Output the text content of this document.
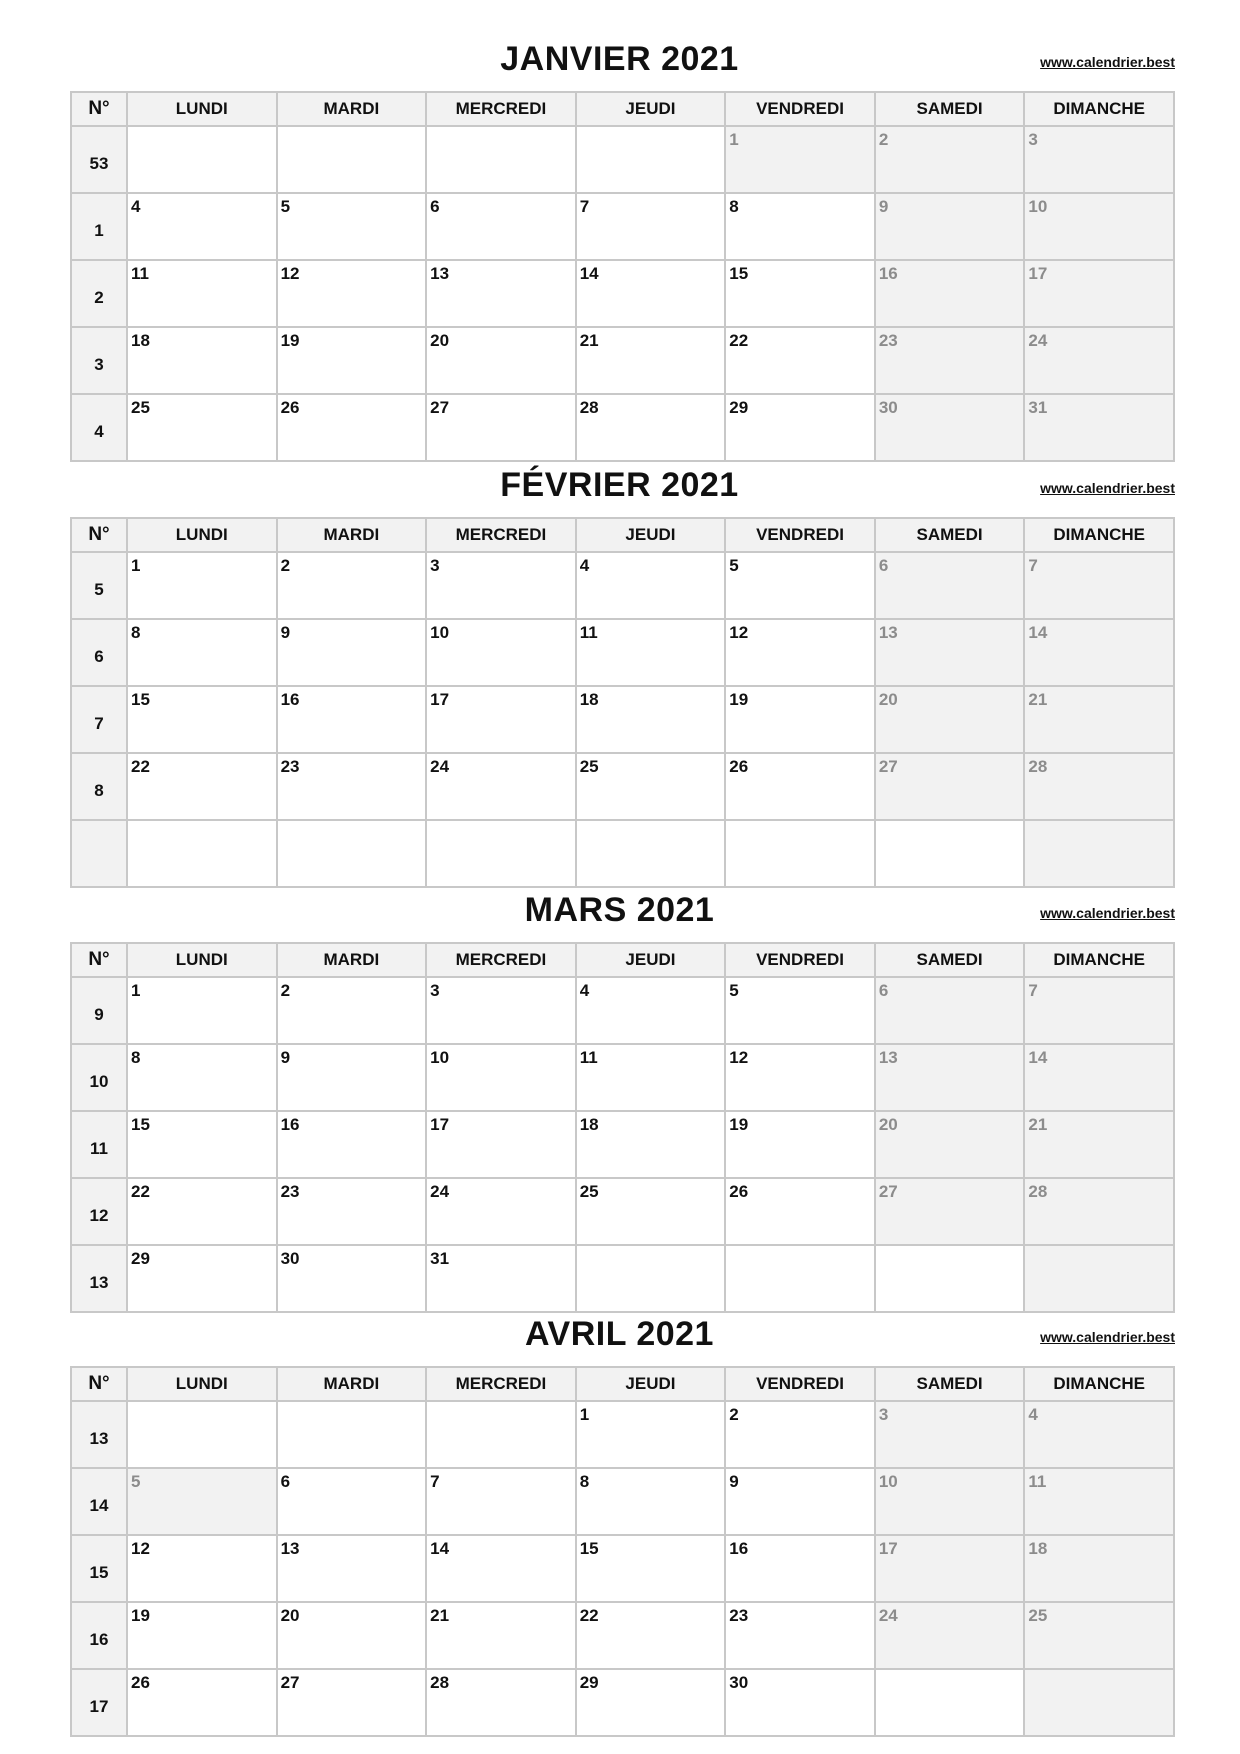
JANVIER 2021	www.calendrier.best
N°	LUNDI	MARDI	MERCREDI	JEUDI	VENDREDI	SAMEDI	DIMANCHE
53					1	2	3

1	4	5	6	7	8	9	10

2	11	12	13	14	15	16	17

3	18	19	20	21	22	23	24

4	25	26	27	28	29	30	31
FÉVRIER 2021	www.calendrier.best
N°	LUNDI	MARDI	MERCREDI	JEUDI	VENDREDI	SAMEDI	DIMANCHE
5	1	2	3	4	5	6	7

6	8	9	10	11	12	13	14

7	15	16	17	18	19	20	21

8	22	23	24	25	26	27	28

MARS 2021	www.calendrier.best
N°	LUNDI	MARDI	MERCREDI	JEUDI	VENDREDI	SAMEDI	DIMANCHE
9	1	2	3	4	5	6	7

10	8	9	10	11	12	13	14

11	15	16	17	18	19	20	21

12	22	23	24	25	26	27	28

13	29	30	31				

AVRIL 2021	www.calendrier.best
N°	LUNDI	MARDI	MERCREDI	JEUDI	VENDREDI	SAMEDI	DIMANCHE
13				1	2	3	4

14	5	6	7	8	9	10	11

15	12	13	14	15	16	17	18

16	19	20	21	22	23	24	25

17	26	27	28	29	30		
